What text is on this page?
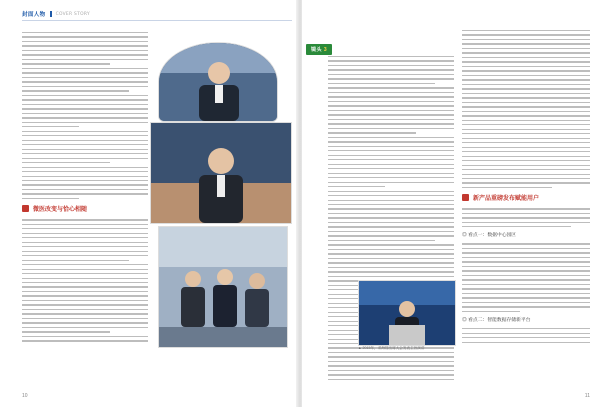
封面人物 COVER STORY
微医改变与恰心相随
10
镜头 3
新产品重磅发布赋能用户
◎ 看点一：数据中心园区
◎ 看点二：智能数据存储新平台
▲ 2015年，邓海翔出席大会发表主旨演讲
11
